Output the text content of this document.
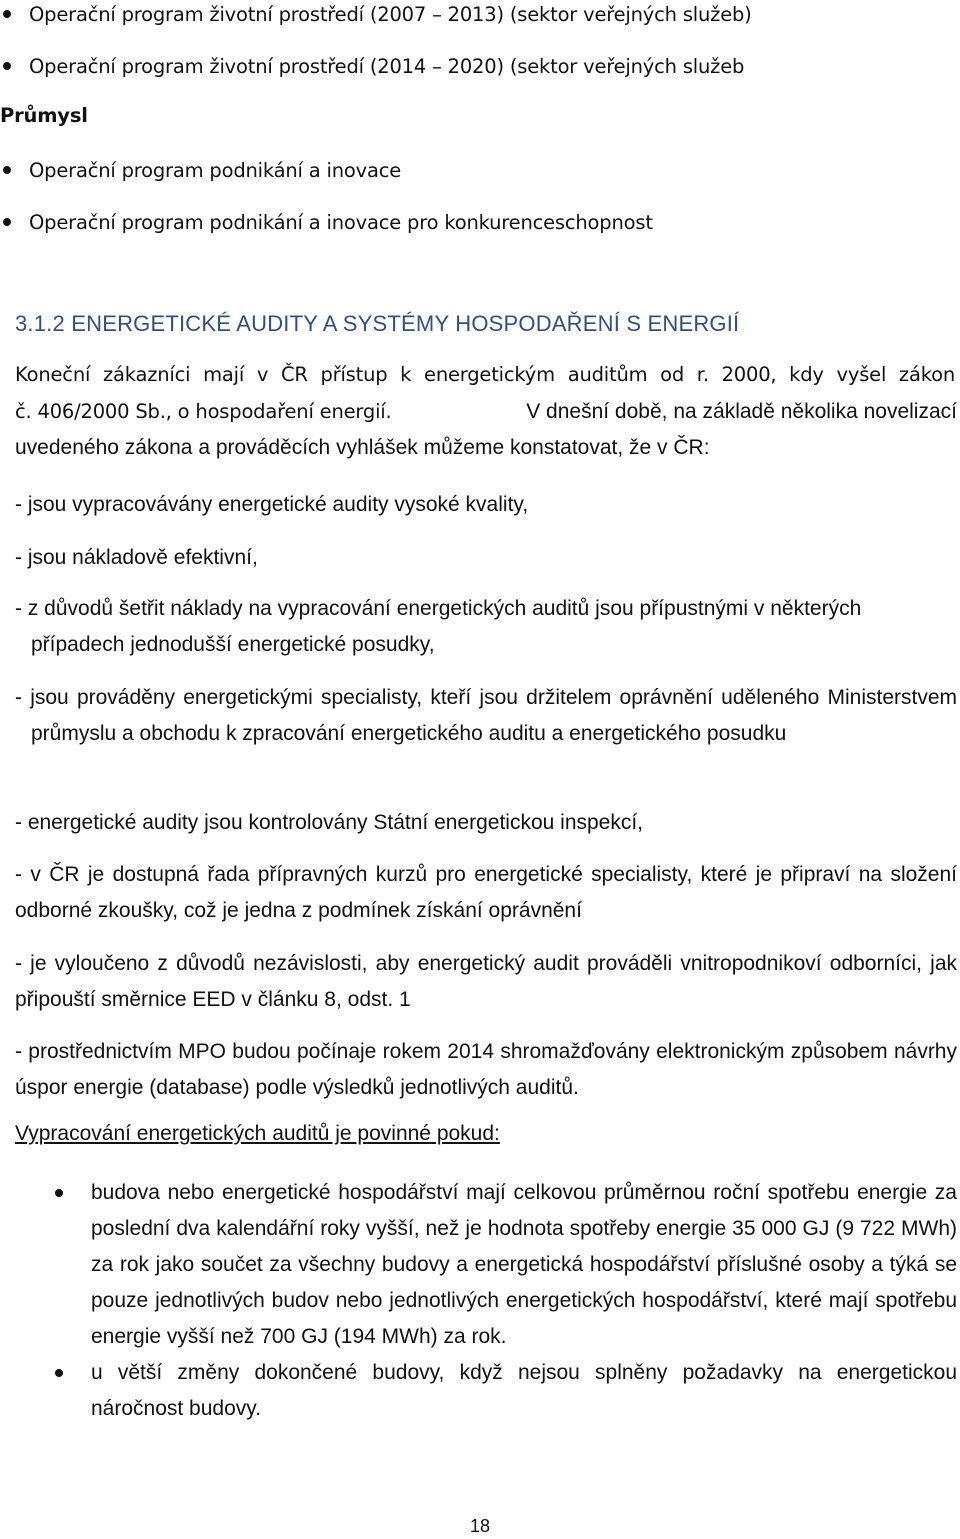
Operační program životní prostředí (2007 – 2013) (sektor veřejných služeb)
Operační program životní prostředí (2014 – 2020) (sektor veřejných služeb
Průmysl
Operační program podnikání a inovace
Operační program podnikání a inovace pro konkurenceschopnost
3.1.2 ENERGETICKÉ AUDITY A SYSTÉMY HOSPODAŘENÍ S ENERGIÍ
Koneční zákazníci mají v ČR přístup k energetickým auditům od r. 2000, kdy vyšel zákon
č. 406/2000 Sb., o hospodaření energií.	V dnešní době, na základě několika novelizací
uvedeného zákona a prováděcích vyhlášek můžeme konstatovat, že v ČR:
- jsou vypracovávány energetické audity vysoké kvality,
- jsou nákladově efektivní,
- z důvodů šetřit náklady na vypracování energetických auditů jsou přípustnými v některých případech jednodušší energetické posudky,
- jsou prováděny energetickými specialisty, kteří jsou držitelem oprávnění uděleného Ministerstvem průmyslu a obchodu k zpracování energetického auditu a energetického posudku
- energetické audity jsou kontrolovány Státní energetickou inspekcí,
- v ČR je dostupná řada přípravných kurzů pro energetické specialisty, které je připraví na složení odborné zkoušky, což je jedna z podmínek získání oprávnění
- je vyloučeno z důvodů nezávislosti, aby energetický audit prováděli vnitropodnikoví odborníci, jak připouští směrnice EED v článku 8, odst. 1
- prostřednictvím MPO budou počínaje rokem 2014 shromažďovány elektronickým způsobem návrhy úspor energie (database) podle výsledků jednotlivých auditů.
Vypracování energetických auditů je povinné pokud:
budova nebo energetické hospodářství mají celkovou průměrnou roční spotřebu energie za poslední dva kalendářní roky vyšší, než je hodnota spotřeby energie 35 000 GJ (9 722 MWh) za rok jako součet za všechny budovy a energetická hospodářství příslušné osoby a týká se pouze jednotlivých budov nebo jednotlivých energetických hospodářství, které mají spotřebu energie vyšší než 700 GJ (194 MWh) za rok.
u větší změny dokončené budovy, když nejsou splněny požadavky na energetickou náročnost budovy.
18
